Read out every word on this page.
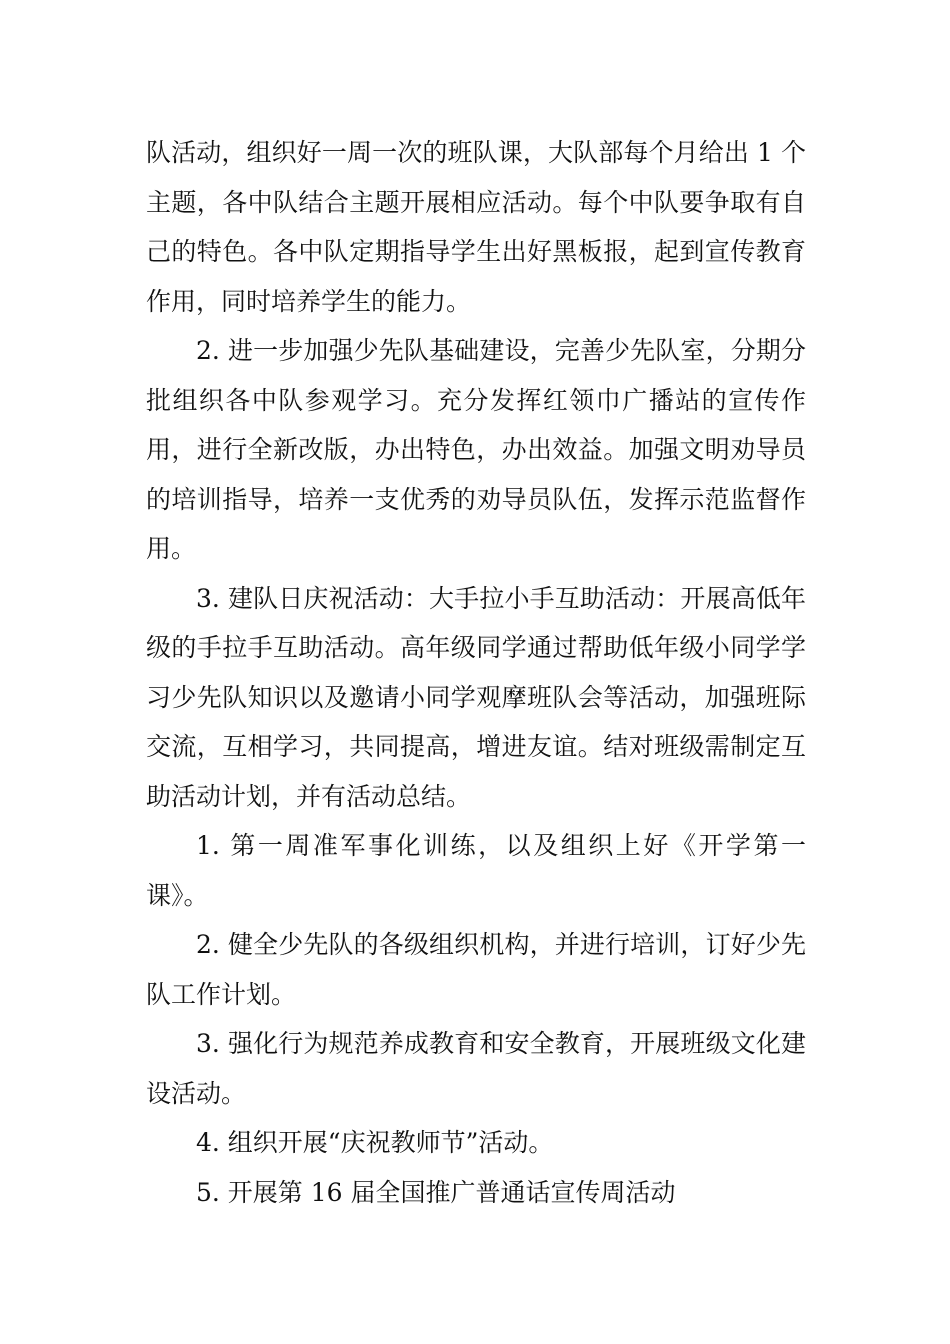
队活动，组织好一周一次的班队课，大队部每个月给出 1 个主题，各中队结合主题开展相应活动。每个中队要争取有自己的特色。各中队定期指导学生出好黑板报，起到宣传教育作用，同时培养学生的能力。

2. 进一步加强少先队基础建设，完善少先队室，分期分批组织各中队参观学习。充分发挥红领巾广播站的宣传作用，进行全新改版，办出特色，办出效益。加强文明劝导员的培训指导，培养一支优秀的劝导员队伍，发挥示范监督作用。

3. 建队日庆祝活动：大手拉小手互助活动：开展高低年级的手拉手互助活动。高年级同学通过帮助低年级小同学学习少先队知识以及邀请小同学观摩班队会等活动，加强班际交流，互相学习，共同提高，增进友谊。结对班级需制定互助活动计划，并有活动总结。

1. 第一周准军事化训练，以及组织上好《开学第一课》。

2. 健全少先队的各级组织机构，并进行培训，订好少先队工作计划。

3. 强化行为规范养成教育和安全教育，开展班级文化建设活动。

4. 组织开展“庆祝教师节”活动。

5. 开展第 16 届全国推广普通话宣传周活动
